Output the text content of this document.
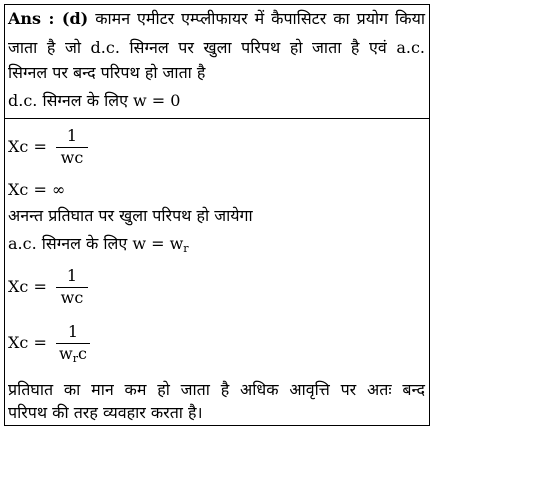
Ans : (d) कामन एमीटर एम्प्लीफायर में कैपासिटर का प्रयोग किया
जाता है जो d.c. सिग्नल पर खुला परिपथ हो जाता है एवं a.c.
सिग्नल पर बन्द परिपथ हो जाता है
d.c. सिग्नल के लिए w = 0
Xc =
1
wc
Xc = ∞
अनन्त प्रतिघात पर खुला परिपथ हो जायेगा
a.c. सिग्नल के लिए $w = w_r$
Xc =
1
wc
Xc =
1
$w_rc$
प्रतिघात का मान कम हो जाता है अधिक आवृत्ति पर अतः बन्द
परिपथ की तरह व्यवहार करता है।
